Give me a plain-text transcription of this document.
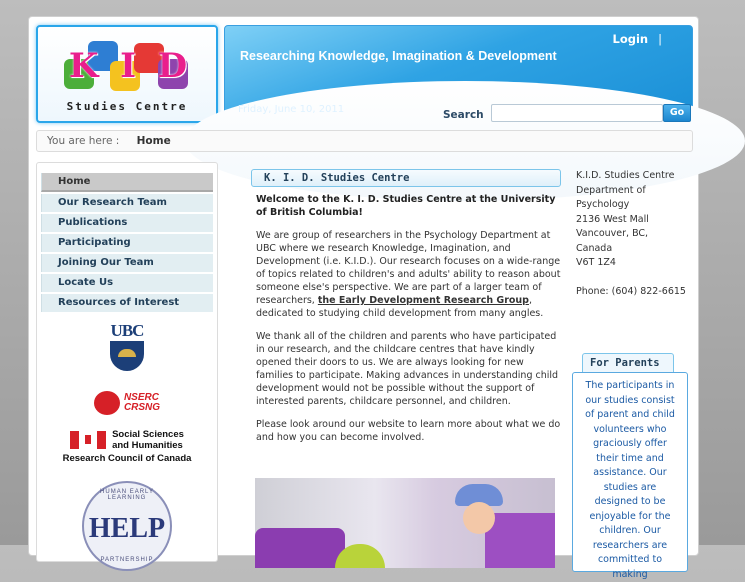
K I D
Studies Centre
Researching Knowledge, Imagination & Development
Friday, June 10, 2011
Login |
Search	Go
You are here : Home
Home
Our Research Team
Publications
Participating
Joining Our Team
Locate Us
Resources of Interest
UBC
NSERC
CRSNG
Social Sciences
and Humanities
Research Council of Canada
HUMAN EARLY LEARNING
HELP
PARTNERSHIP
K. I. D. Studies Centre

Welcome to the K. I. D. Studies Centre at the University of British Columbia!

We are group of researchers in the Psychology Department at UBC where we research Knowledge, Imagination, and Development (i.e. K.I.D.). Our research focuses on a wide-range of topics related to children's and adults' ability to reason about someone else's perspective. We are part of a larger team of researchers, the Early Development Research Group, dedicated to studying child development from many angles.

We thank all of the children and parents who have participated in our research, and the childcare centres that have kindly opened their doors to us. We are always looking for new families to participate. Making advances in understanding child development would not be possible without the support of interested parents, childcare personnel, and children.

Please look around our website to learn more about what we do and how you can become involved.

K.I.D. Studies Centre
Department of
Psychology
2136 West Mall
Vancouver, BC,
Canada
V6T 1Z4
Phone: (604) 822-6615
For Parents
The participants in our studies consist of parent and child volunteers who graciously offer their time and assistance. Our studies are designed to be enjoyable for the children. Our researchers are committed to making
